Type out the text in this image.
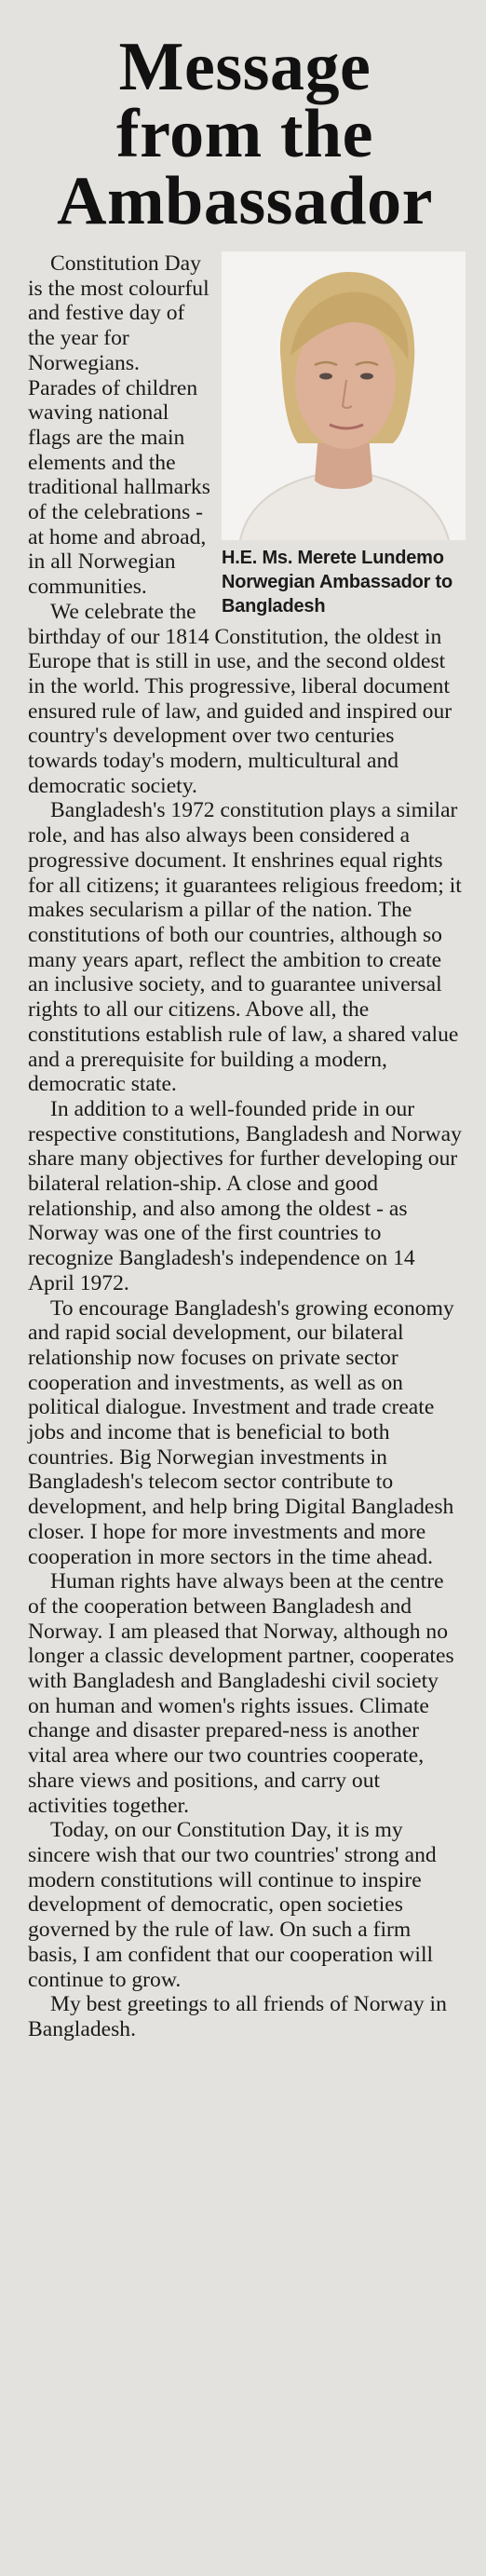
Message
from the
Ambassador
H.E. Ms. Merete Lundemo
Norwegian Ambassador to
Bangladesh

Constitution Day is the most colourful and festive day of the year for Norwegians. Parades of children waving national flags are the main elements and the traditional hallmarks of the celebrations - at home and abroad, in all Norwegian communities.

We celebrate the birthday of our 1814 Constitution, the oldest in Europe that is still in use, and the second oldest in the world. This progressive, liberal document ensured rule of law, and guided and inspired our country's development over two centuries towards today's modern, multicultural and democratic society.

Bangladesh's 1972 constitution plays a similar role, and has also always been considered a progressive document. It enshrines equal rights for all citizens; it guarantees religious freedom; it makes secularism a pillar of the nation. The constitutions of both our countries, although so many years apart, reflect the ambition to create an inclusive society, and to guarantee universal rights to all our citizens. Above all, the constitutions establish rule of law, a shared value and a prerequisite for building a modern, democratic state.

In addition to a well-founded pride in our respective constitutions, Bangladesh and Norway share many objectives for further developing our bilateral relation-ship. A close and good relationship, and also among the oldest - as Norway was one of the first countries to recognize Bangladesh's independence on 14 April 1972.

To encourage Bangladesh's growing economy and rapid social development, our bilateral relationship now focuses on private sector cooperation and investments, as well as on political dialogue. Investment and trade create jobs and income that is beneficial to both countries. Big Norwegian investments in Bangladesh's telecom sector contribute to development, and help bring Digital Bangladesh closer. I hope for more investments and more cooperation in more sectors in the time ahead.

Human rights have always been at the centre of the cooperation between Bangladesh and Norway. I am pleased that Norway, although no longer a classic development partner, cooperates with Bangladesh and Bangladeshi civil society on human and women's rights issues. Climate change and disaster prepared-ness is another vital area where our two countries cooperate, share views and positions, and carry out activities together.

Today, on our Constitution Day, it is my sincere wish that our two countries' strong and modern constitutions will continue to inspire development of democratic, open societies governed by the rule of law. On such a firm basis, I am confident that our cooperation will continue to grow.

My best greetings to all friends of Norway in Bangladesh.
